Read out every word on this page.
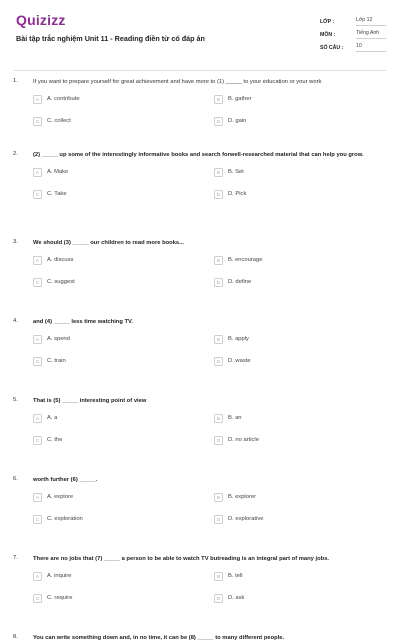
Quizizz
Bài tập trắc nghiệm Unit 11 - Reading điền từ có đáp án
LỚP :	Lớp 12
MÔN :	Tiếng Anh
SỐ CÂU :	10
1.	If you want to prepare yourself for great achievement and have more to (1) _____ to your education or your work
A	A. contribute	B	B. gather
C	C. collect	D	D. gain
2.	(2) _____ up some of the interestingly informative books and search forwell-researched material that can help you grow.
A	A. Make	B	B. Set
C	C. Take	D	D. Pick
3.	We should (3) _____ our children to read more books...
A	A. discuss	B	B. encourage
C	C. suggest	D	D. define
4.	and (4) _____ less time watching TV.
A	A. spend	B	B. apply
C	C. train	D	D. waste
5.	That is (5) _____ interesting point of view
A	A. a	B	B. an
C	C. the	D	D. no article
6.	worth further (6) _____.
A	A. explore	B	B. explorer
C	C. exploration	D	D. explorative
7.	There are no jobs that (7) _____ a person to be able to watch TV butreading is an integral part of many jobs.
A	A. inquire	B	B. tell
C	C. require	D	D. ask
8.	You can write something down and, in no time, it can be (8) _____ to many different people.
